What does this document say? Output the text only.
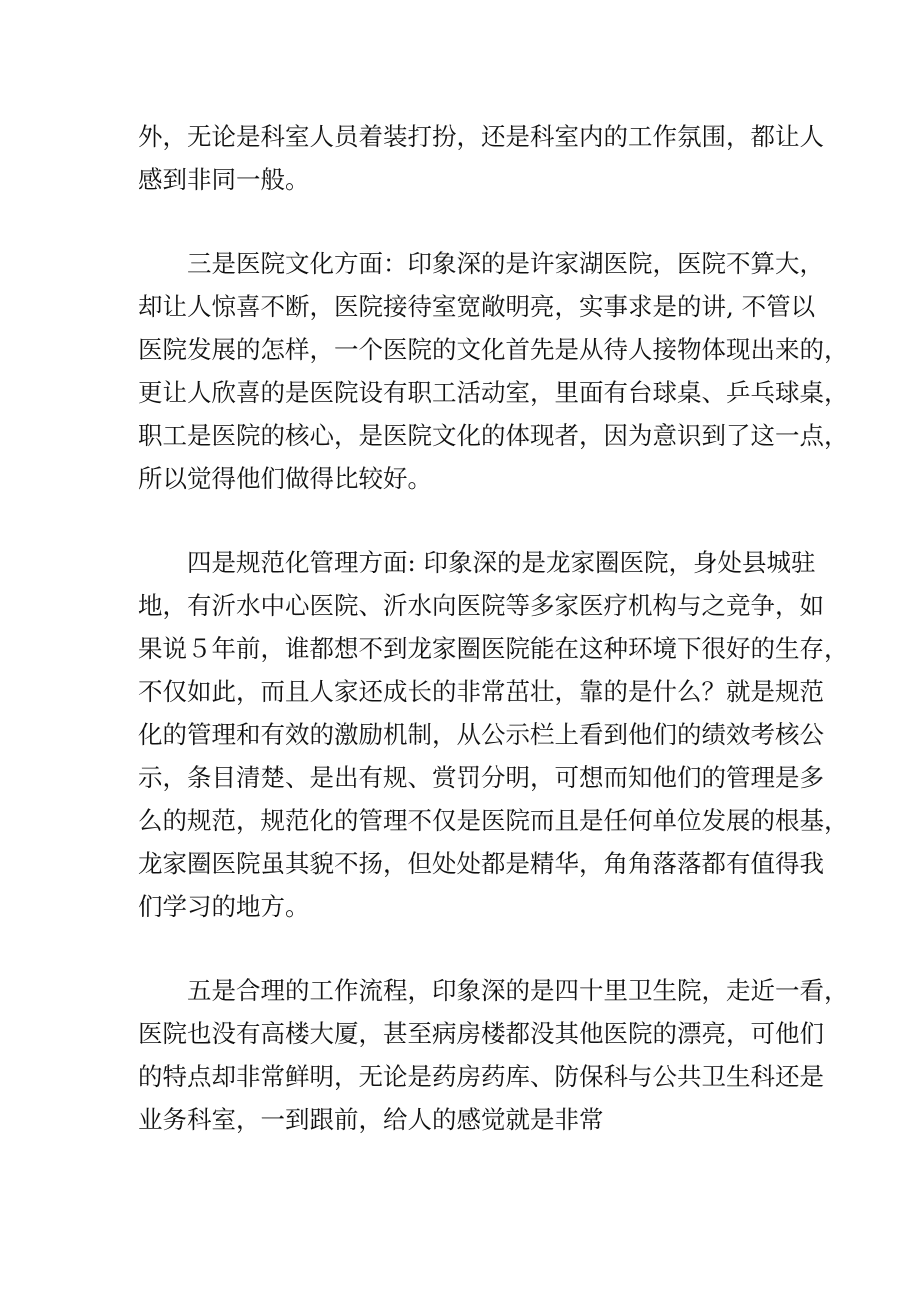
外，无论是科室人员着装打扮，还是科室内的工作氛围，都让人
感到非同一般。
三是医院文化方面：印象深的是许家湖医院，医院不算大，
却让人惊喜不断，医院接待室宽敞明亮，实事求是的讲, 不管以
医院发展的怎样，一个医院的文化首先是从待人接物体现出来的，
更让人欣喜的是医院设有职工活动室，里面有台球桌、乒乓球桌，
职工是医院的核心，是医院文化的体现者，因为意识到了这一点，
所以觉得他们做得比较好。
四是规范化管理方面: 印象深的是龙家圈医院，身处县城驻
地，有沂水中心医院、沂水向医院等多家医疗机构与之竞争，如
果说５年前，谁都想不到龙家圈医院能在这种环境下很好的生存，
不仅如此，而且人家还成长的非常茁壮，靠的是什么？就是规范
化的管理和有效的激励机制，从公示栏上看到他们的绩效考核公
示，条目清楚、是出有规、赏罚分明，可想而知他们的管理是多
么的规范，规范化的管理不仅是医院而且是任何单位发展的根基，
龙家圈医院虽其貌不扬，但处处都是精华，角角落落都有值得我
们学习的地方。
五是合理的工作流程，印象深的是四十里卫生院，走近一看，
医院也没有高楼大厦，甚至病房楼都没其他医院的漂亮，可他们
的特点却非常鲜明，无论是药房药库、防保科与公共卫生科还是
业务科室，一到跟前，给人的感觉就是非常
